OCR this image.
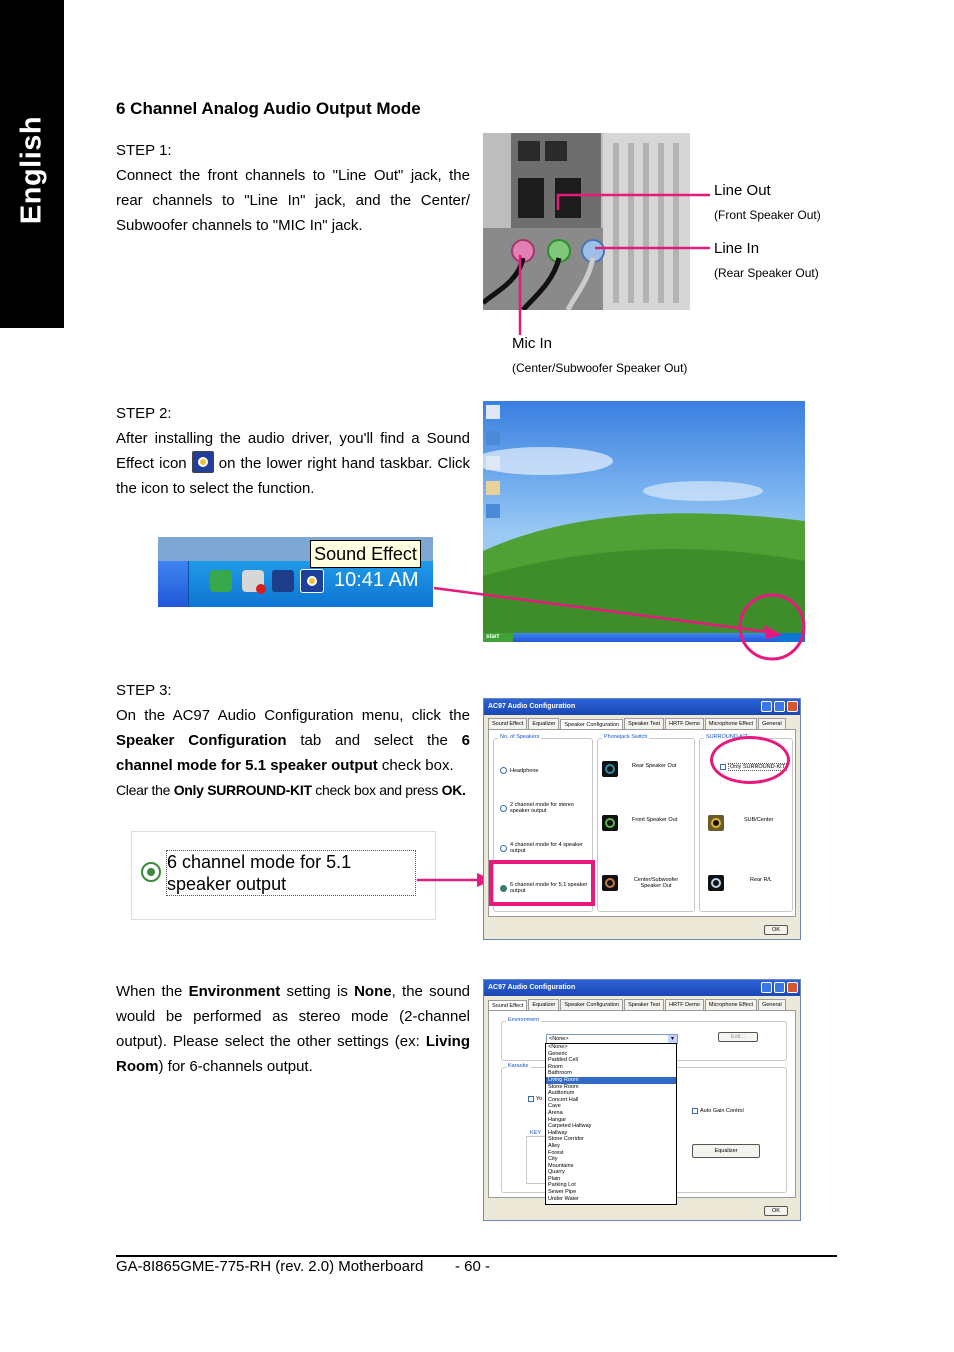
English
6 Channel Analog Audio Output Mode

STEP 1:

Connect the front channels to "Line Out" jack, the rear channels to "Line In" jack, and the Center/ Subwoofer channels to "MIC In" jack.

Line Out
(Front Speaker Out)
Line In
(Rear Speaker Out)
Mic In
(Center/Subwoofer Speaker Out)

STEP 2:

After installing the audio driver, you'll find a Sound Effect icon on the lower right hand taskbar. Click the icon to select the function.

Sound Effect
10:41 AM
start

STEP 3:

On the AC97 Audio Configuration menu, click the Speaker Configuration tab and select the 6 channel mode for 5.1 speaker output check box.

Clear the Only SURROUND-KIT check box and press OK.

6 channel mode for 5.1 speaker output
AC97 Audio Configuration
Sound Effect	Equalizer	Speaker Configuration	Speaker Test	HRTF Demo	Microphone Effect	General
No. of Speakers
Headphone
2 channel mode for stereo speaker output
4 channel mode for 4 speaker output
6 channel mode for 5.1 speaker output
Phonejack Switch
Rear Speaker Out
Front Speaker Out
Center/Subwoofer Speaker Out
SURROUND-KIT
Only SURROUND-KIT
SUB/Center
Rear R/L
OK

When the Environment setting is None, the sound would be performed as stereo mode (2-channel output). Please select the other settings (ex: Living Room) for 6-channels output.

AC97 Audio Configuration
Sound Effect	Equalizer	Speaker Configuration	Speaker Test	HRTF Demo	Microphone Effect	General
Environment
<None>	▾	Edit...
Karaoke
Yo
KEY
Auto Gain Control
Equalizer
<None>
Generic
Padded Cell
Room
Bathroom
Living Room
Stone Room
Auditorium
Concert Hall
Cave
Arena
Hangar
Carpeted Hallway
Hallway
Stone Corridor
Alley
Forest
City
Mountains
Quarry
Plain
Parking Lot
Sewer Pipe
Under Water
OK
GA-8I865GME-775-RH (rev. 2.0) Motherboard - 60 -
